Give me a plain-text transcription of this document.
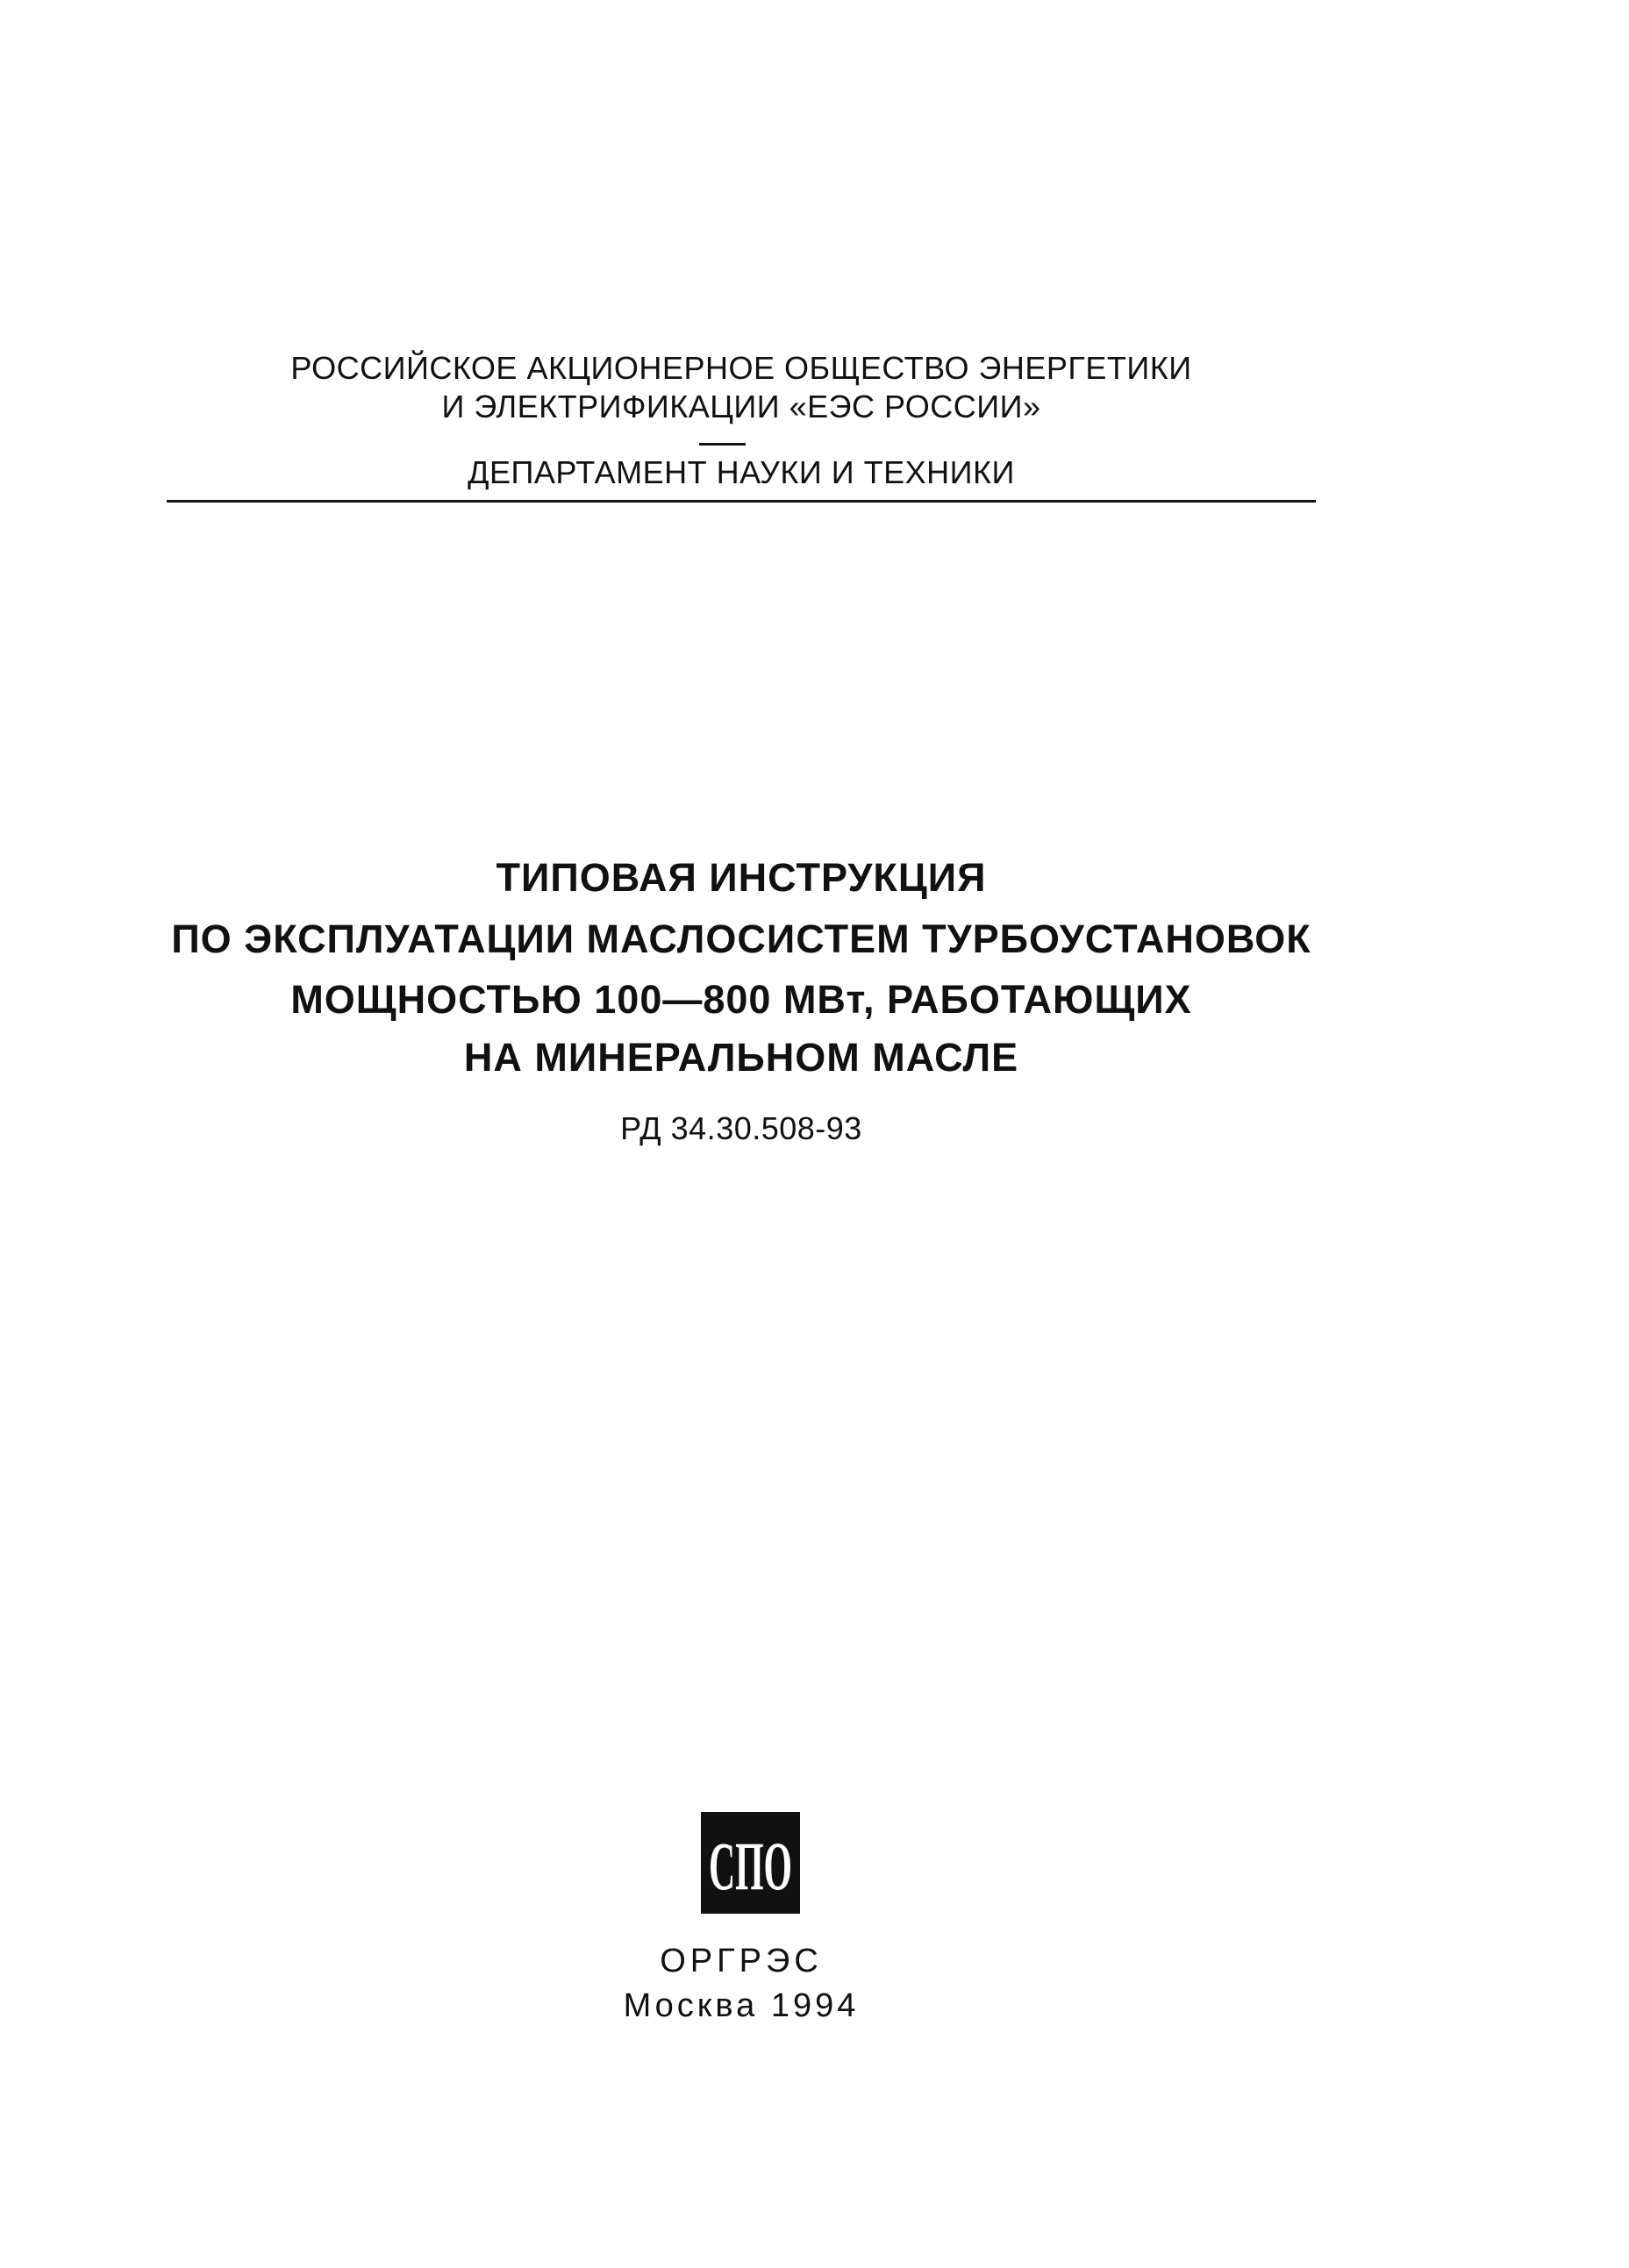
РОССИЙСКОЕ АКЦИОНЕРНОЕ ОБЩЕСТВО ЭНЕРГЕТИКИ
И ЭЛЕКТРИФИКАЦИИ «ЕЭС РОССИИ»
ДЕПАРТАМЕНТ НАУКИ И ТЕХНИКИ
ТИПОВАЯ ИНСТРУКЦИЯ
ПО ЭКСПЛУАТАЦИИ МАСЛОСИСТЕМ ТУРБОУСТАНОВОК
МОЩНОСТЬЮ 100—800 МВт, РАБОТАЮЩИХ
НА МИНЕРАЛЬНОМ МАСЛЕ
РД 34.30.508-93
СПО
ОРГРЭС
Москва 1994
